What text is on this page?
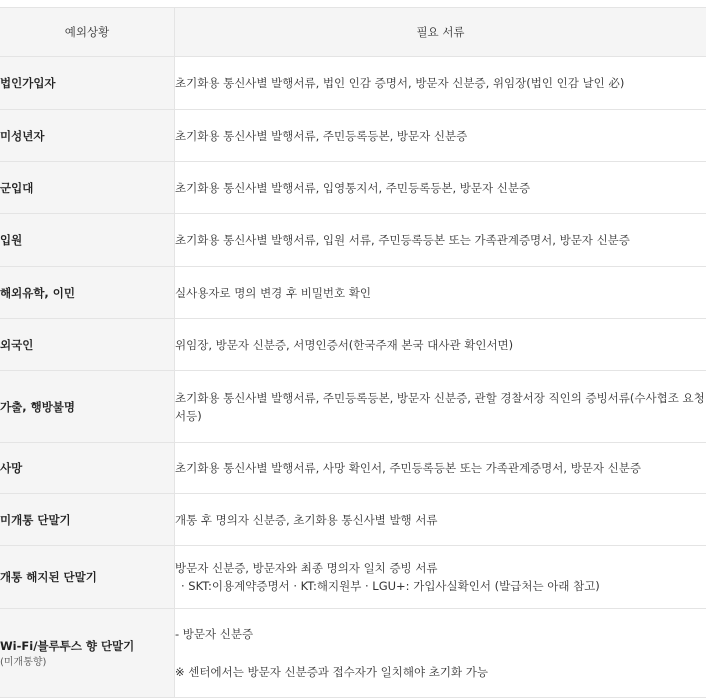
예외상황	필요 서류
법인가입자	초기화용 통신사별 발행서류, 법인 인감 증명서, 방문자 신분증, 위임장(법인 인감 날인 必)
미성년자	초기화용 통신사별 발행서류, 주민등록등본, 방문자 신분증
군입대	초기화용 통신사별 발행서류, 입영통지서, 주민등록등본, 방문자 신분증
입원	초기화용 통신사별 발행서류, 입원 서류, 주민등록등본 또는 가족관계증명서, 방문자 신분증
해외유학, 이민	실사용자로 명의 변경 후 비밀번호 확인
외국인	위임장, 방문자 신분증, 서명인증서(한국주재 본국 대사관 확인서면)
가출, 행방불명	초기화용 통신사별 발행서류, 주민등록등본, 방문자 신분증, 관할 경찰서장 직인의 증빙서류(수사협조 요청서등)
사망	초기화용 통신사별 발행서류, 사망 확인서, 주민등록등본 또는 가족관계증명서, 방문자 신분증
미개통 단말기	개통 후 명의자 신분증, 초기화용 통신사별 발행 서류
개통 해지된 단말기	방문자 신분증, 방문자와 최종 명의자 일치 증빙 서류
· SKT:이용계약증명서 · KT:해지원부 · LGU+: 가입사실확인서 (발급처는 아래 참고)

Wi-Fi/블루투스 향 단말기
(미개통향)	- 방문자 신분증
※ 센터에서는 방문자 신분증과 접수자가 일치해야 초기화 가능
